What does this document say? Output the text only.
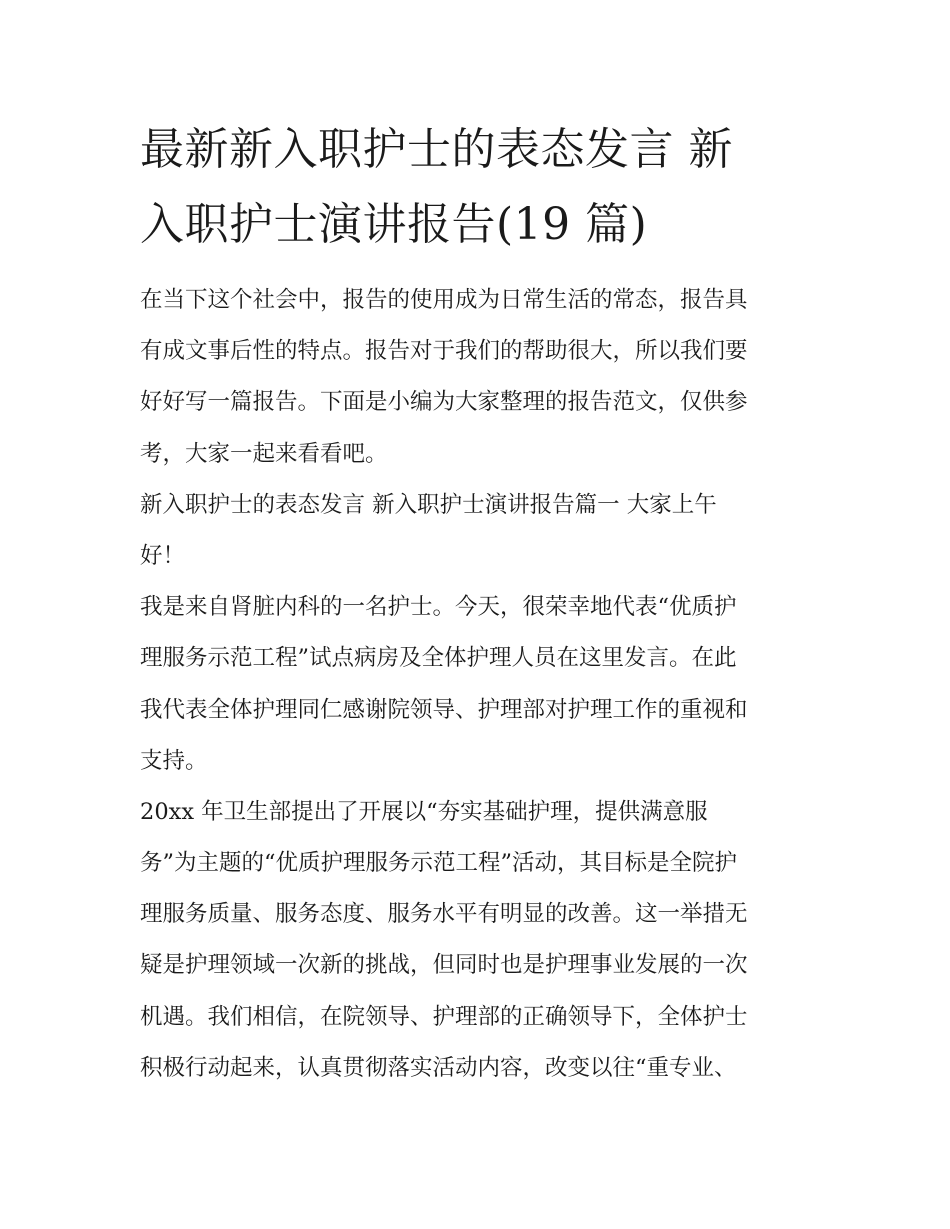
最新新入职护士的表态发言 新
入职护士演讲报告(19 篇)
在当下这个社会中，报告的使用成为日常生活的常态，报告具
有成文事后性的特点。报告对于我们的帮助很大，所以我们要
好好写一篇报告。下面是小编为大家整理的报告范文，仅供参
考，大家一起来看看吧。
新入职护士的表态发言 新入职护士演讲报告篇一 大家上午
好！
我是来自肾脏内科的一名护士。今天，很荣幸地代表“优质护
理服务示范工程”试点病房及全体护理人员在这里发言。在此
我代表全体护理同仁感谢院领导、护理部对护理工作的重视和
支持。
20xx 年卫生部提出了开展以“夯实基础护理，提供满意服
务”为主题的“优质护理服务示范工程”活动，其目标是全院护
理服务质量、服务态度、服务水平有明显的改善。这一举措无
疑是护理领域一次新的挑战，但同时也是护理事业发展的一次
机遇。我们相信，在院领导、护理部的正确领导下，全体护士
积极行动起来，认真贯彻落实活动内容，改变以往“重专业、
